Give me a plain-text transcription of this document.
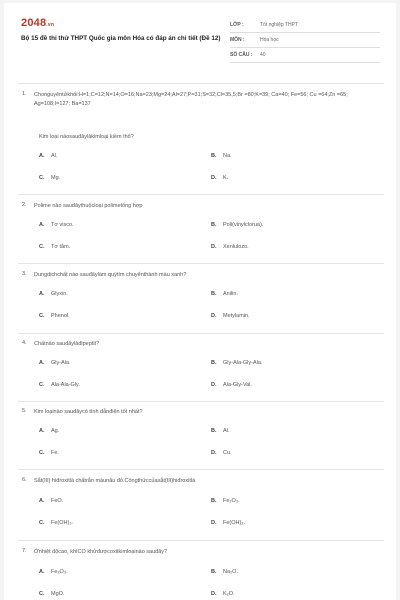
2048.vn
Bộ 15 đề thi thử THPT Quốc gia môn Hóa có đáp án chi tiết (Đề 12)
LỚP :	Tốt nghiệp THPT
MÔN :	Hóa học
SỐ CÂU :	40
1. Chonguyêntửkhối:H=1;C=12;N=14;O=16;Na=23;Mg=24;Al=27;P=31;S=32;Cl=35,5;Br =80;K=39; Ca=40; Fe=56; Cu =64;Zn =65; Ag=108;I=127; Ba=137
Kim loại nàosauđâylàkimloại kiềm thổ?
A. Al.	B. Na.
C. Mg.	D. K.
2. Polime nào sauđâythuộcloại polimetổng hợp
A. Tơ visco.	B. Poli(vinylclorua).
C. Tơ tằm.	D. Xenlulozo.
3. Dungdịchchất nào sauđâylàm quỳtím chuyểnthành màu xanh?
A. Glyxin.	B. Anilin.
C. Phenol.	D. Metylamin.
4. Chấtnào sauđâylàđipeptit?
A. Gly-Ala.	B. Gly-Ala-Gly-Ala.
C. Ala-Ala-Gly.	D. Ala-Gly-Val.
5. Kim loạinào sauđâycó tính dẫnđiện tốt nhất?
A. Ag.	B. Al.
C. Fe.	D. Cu.
6. Sắt(III) hiđroxitlà chấtrắn màunâu đỏ.Côngthứccủasắt(III)hiđroxitlà
A. FeO.	B. Fe₂O₃.
C. Fe(OH)₃.	D. Fe(OH)₂.
7. Ởnhiệt độcao, khíCO khửđượcoxitkimloạinào sauđây?
A. Fe₂O₃.	B. Na₂O.
C. MgO.	D. K₂O.
